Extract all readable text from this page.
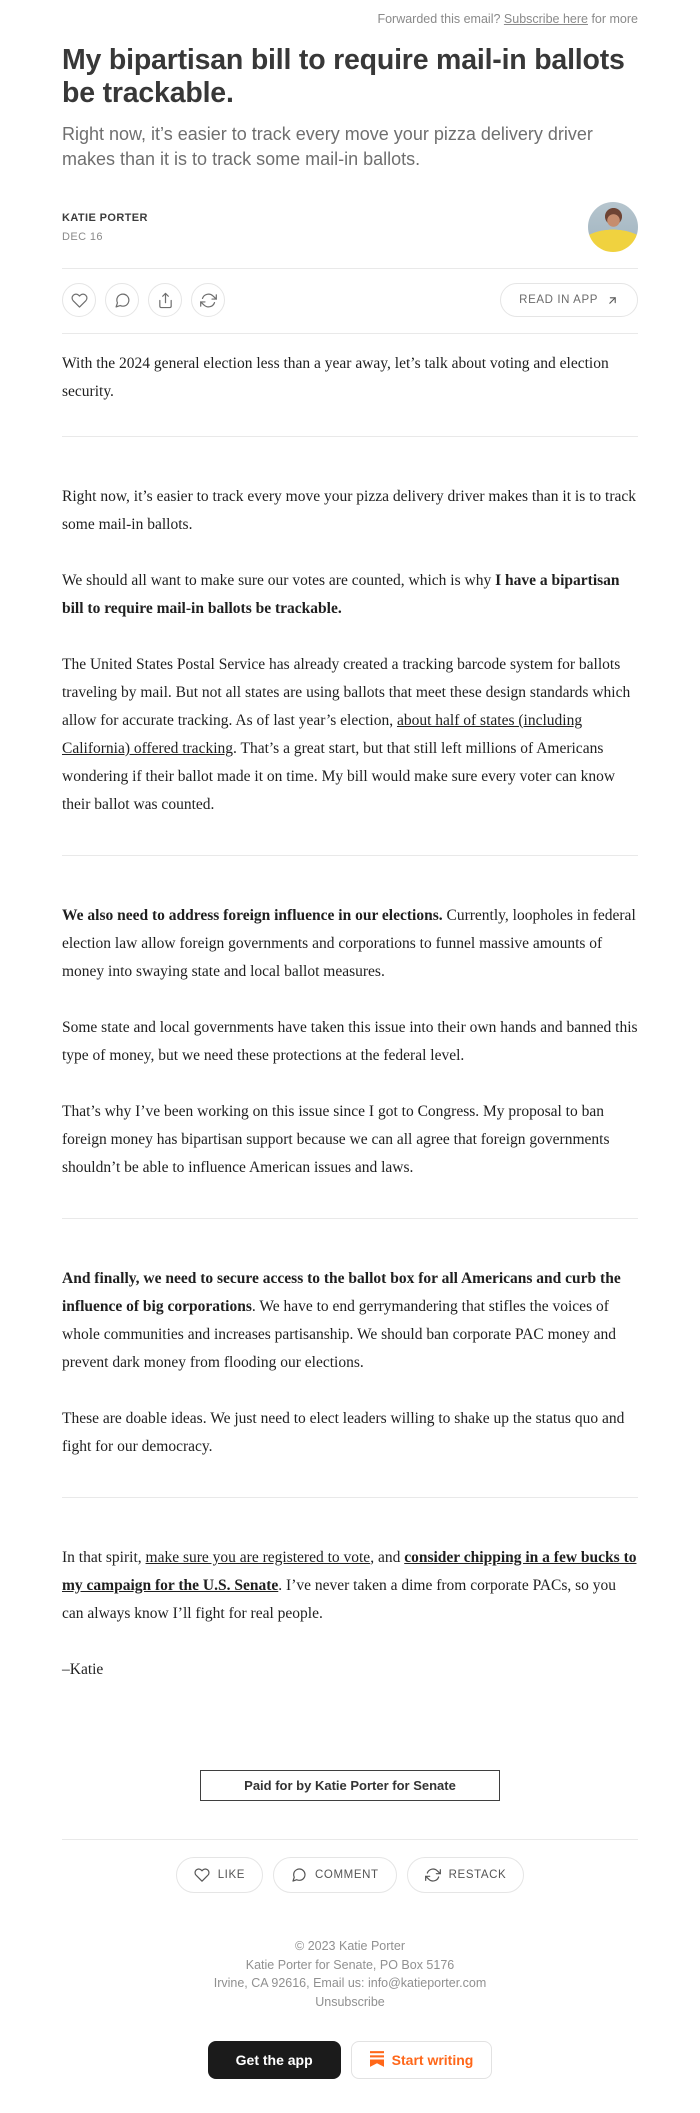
Forwarded this email? Subscribe here for more
My bipartisan bill to require mail-in ballots be trackable.

Right now, it’s easier to track every move your pizza delivery driver makes than it is to track some mail-in ballots.

KATIE PORTER
DEC 16
READ IN APP

With the 2024 general election less than a year away, let’s talk about voting and election security.

Right now, it’s easier to track every move your pizza delivery driver makes than it is to track some mail-in ballots.

We should all want to make sure our votes are counted, which is why I have a bipartisan bill to require mail-in ballots be trackable.

The United States Postal Service has already created a tracking barcode system for ballots traveling by mail. But not all states are using ballots that meet these design standards which allow for accurate tracking. As of last year’s election, about half of states (including California) offered tracking. That’s a great start, but that still left millions of Americans wondering if their ballot made it on time. My bill would make sure every voter can know their ballot was counted.

We also need to address foreign influence in our elections. Currently, loopholes in federal election law allow foreign governments and corporations to funnel massive amounts of money into swaying state and local ballot measures.

Some state and local governments have taken this issue into their own hands and banned this type of money, but we need these protections at the federal level.

That’s why I’ve been working on this issue since I got to Congress. My proposal to ban foreign money has bipartisan support because we can all agree that foreign governments shouldn’t be able to influence American issues and laws.

And finally, we need to secure access to the ballot box for all Americans and curb the influence of big corporations. We have to end gerrymandering that stifles the voices of whole communities and increases partisanship. We should ban corporate PAC money and prevent dark money from flooding our elections.

These are doable ideas. We just need to elect leaders willing to shake up the status quo and fight for our democracy.

In that spirit, make sure you are registered to vote, and consider chipping in a few bucks to my campaign for the U.S. Senate. I’ve never taken a dime from corporate PACs, so you can always know I’ll fight for real people.

–Katie

Paid for by Katie Porter for Senate
LIKE	COMMENT	RESTACK
© 2023 Katie Porter
Katie Porter for Senate, PO Box 5176
Irvine, CA 92616, Email us: info@katieporter.com
Unsubscribe
Get the app	Start writing
